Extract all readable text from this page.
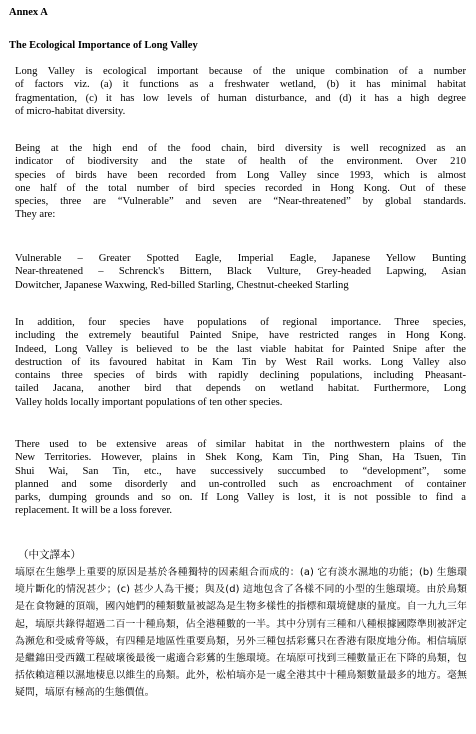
Annex A

The Ecological Importance of Long Valley

Long Valley is ecological important because of the unique combination of a number
of factors viz. (a) it functions as a freshwater wetland, (b) it has minimal habitat
fragmentation, (c) it has low levels of human disturbance, and (d) it has a high degree
of micro-habitat diversity.
Being at the high end of the food chain, bird diversity is well recognized as an
indicator of biodiversity and the state of health of the environment. Over 210
species of birds have been recorded from Long Valley since 1993, which is almost
one half of the total number of bird species recorded in Hong Kong. Out of these
species, three are “Vulnerable” and seven are “Near-threatened” by global standards.
They are:
Vulnerable – Greater Spotted Eagle, Imperial Eagle, Japanese Yellow Bunting
Near-threatened – Schrenck's Bittern, Black Vulture, Grey-headed Lapwing, Asian
Dowitcher, Japanese Waxwing, Red-billed Starling, Chestnut-cheeked Starling
In addition, four species have populations of regional importance. Three species,
including the extremely beautiful Painted Snipe, have restricted ranges in Hong Kong.
Indeed, Long Valley is believed to be the last viable habitat for Painted Snipe after the
destruction of its favoured habitat in Kam Tin by West Rail works. Long Valley also
contains three species of birds with rapidly declining populations, including Pheasant-
tailed Jacana, another bird that depends on wetland habitat. Furthermore, Long
Valley holds locally important populations of ten other species.
There used to be extensive areas of similar habitat in the northwestern plains of the
New Territories. However, plains in Shek Kong, Kam Tin, Ping Shan, Ha Tsuen, Tin
Shui Wai, San Tin, etc., have successively succumbed to “development”, some
planned and some disorderly and un-controlled such as encroachment of container
parks, dumping grounds and so on. If Long Valley is lost, it is not possible to find a
replacement. It will be a loss forever.

（中文譯本）

塙原在生態學上重要的原因是基於各種獨特的因素組合而成的：(a) 它有淡水濕地的功能；(b) 生態環境片斷化的情況甚少；(c) 甚少人為干擾；與及(d) 這地包含了各樣不同的小型的生態環境。由於鳥類是在食物鏈的頂端，國內她們的種類數量被認為是生物多樣性的指標和環境健康的量度。自一九九三年起，塙原共錄得超過二百一十種鳥類，佔全港種數的一半。其中分別有三種和八種根據國際準則被評定為瀕危和受威脅等級，有四種是地區性重要鳥類，另外三種包括彩鶿只在香港有限度地分佈。相信塙原是繼錦田受西鐵工程破壞後最後一處適合彩鶿的生態環境。在塙原可找到三種數量正在下降的鳥類，包括依賴這種以濕地棲息以維生的鳥類。此外，松柏塙亦是一處全港其中十種鳥類數量最多的地方。毫無疑問，塙原有極高的生態價值。
